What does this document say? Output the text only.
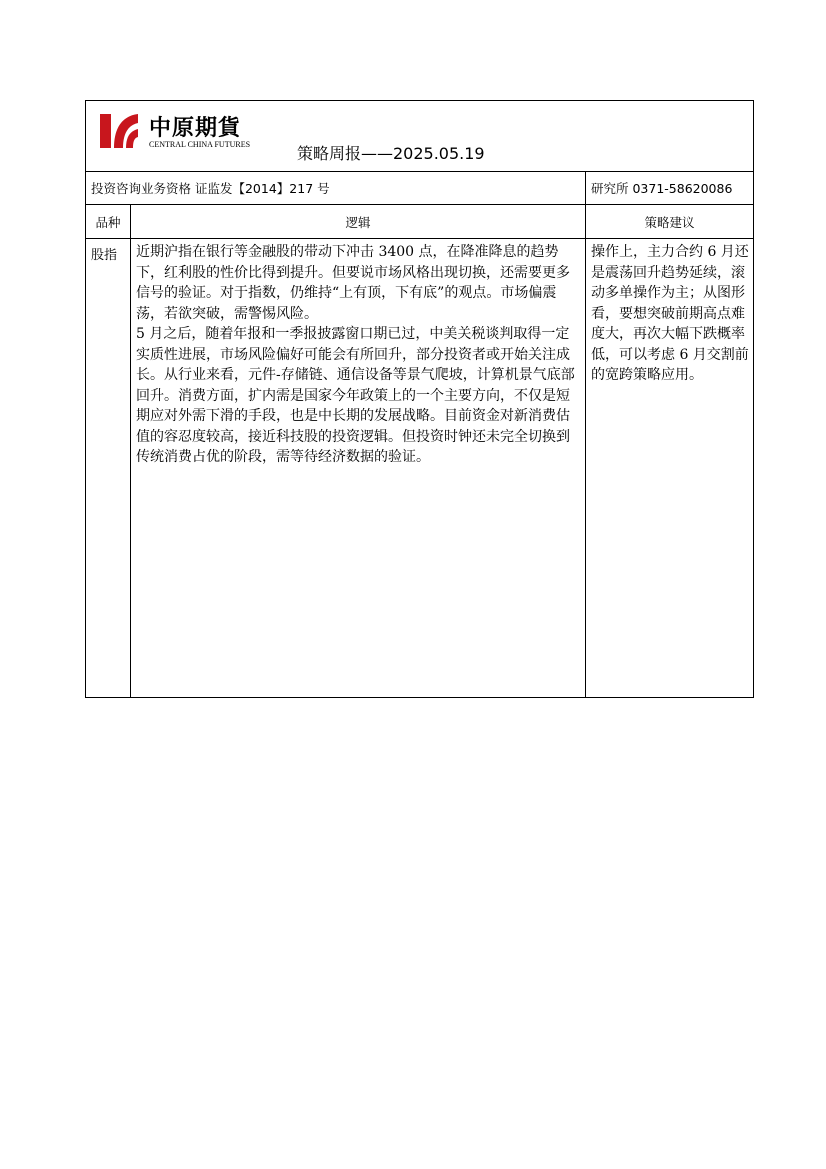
中原期貨
CENTRAL CHINA FUTURES 策略周报——2025.05.19		

投资咨询业务资格 证监发【2014】217 号		研究所 0371-58620086
品种	逻辑	策略建议
股指	近期沪指在银行等金融股的带动下冲击 3400 点，在降准降息的趋势下，红利股的性价比得到提升。但要说市场风格出现切换，还需要更多信号的验证。对于指数，仍维持“上有顶，下有底”的观点。市场偏震荡，若欲突破，需警惕风险。

5 月之后，随着年报和一季报披露窗口期已过，中美关税谈判取得一定实质性进展，市场风险偏好可能会有所回升，部分投资者或开始关注成长。从行业来看，元件-存储链、通信设备等景气爬坡，计算机景气底部回升。消费方面，扩内需是国家今年政策上的一个主要方向，不仅是短期应对外需下滑的手段，也是中长期的发展战略。目前资金对新消费估值的容忍度较高，接近科技股的投资逻辑。但投资时钟还未完全切换到传统消费占优的阶段，需等待经济数据的验证。	操作上，主力合约 6 月还是震荡回升趋势延续，滚动多单操作为主；从图形看，要想突破前期高点难度大，再次大幅下跌概率低，可以考虑 6 月交割前的宽跨策略应用。
